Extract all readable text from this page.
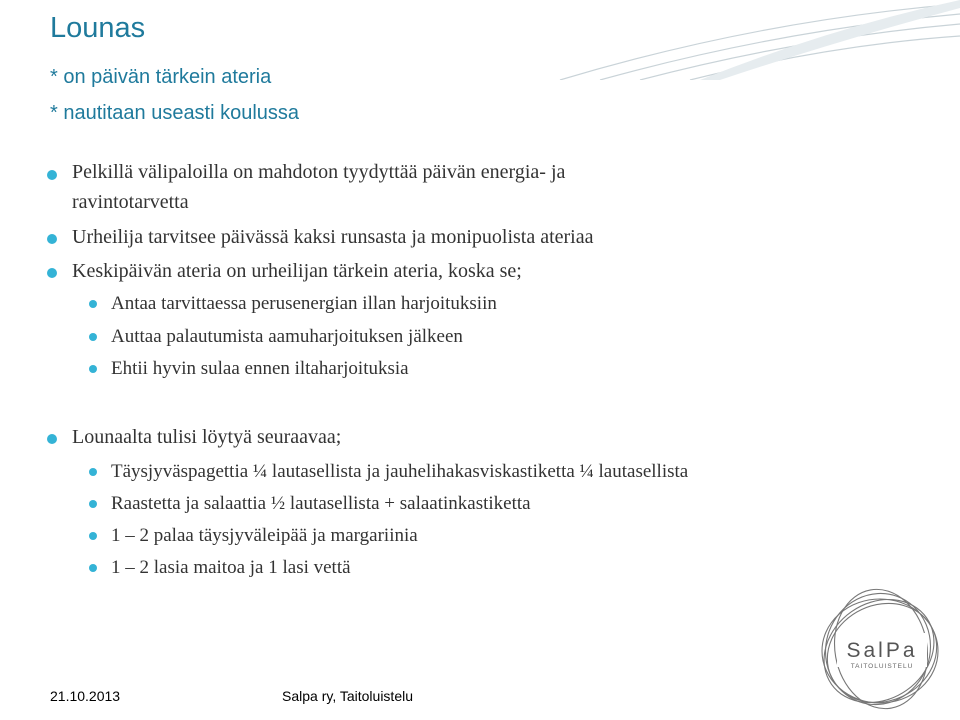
Lounas
* on päivän tärkein ateria
* nautitaan useasti koulussa
Pelkillä välipaloilla on mahdoton tyydyttää päivän energia- ja
ravintotarvetta
Urheilija tarvitsee päivässä kaksi runsasta ja monipuolista ateriaa
Keskipäivän ateria on urheilijan tärkein ateria, koska se;
Antaa tarvittaessa perusenergian illan harjoituksiin
Auttaa palautumista aamuharjoituksen jälkeen
Ehtii hyvin sulaa ennen iltaharjoituksia
Lounaalta tulisi löytyä seuraavaa;
Täysjyväspagettia ¼ lautasellista ja jauhelihakasviskastiketta ¼ lautasellista
Raastetta ja salaattia ½ lautasellista + salaatinkastiketta
1 – 2 palaa täysjyväleipää ja margariinia
1 – 2 lasia maitoa ja 1 lasi vettä
21.10.2013	Salpa ry, Taitoluistelu
SalPa
TAITOLUISTELU
